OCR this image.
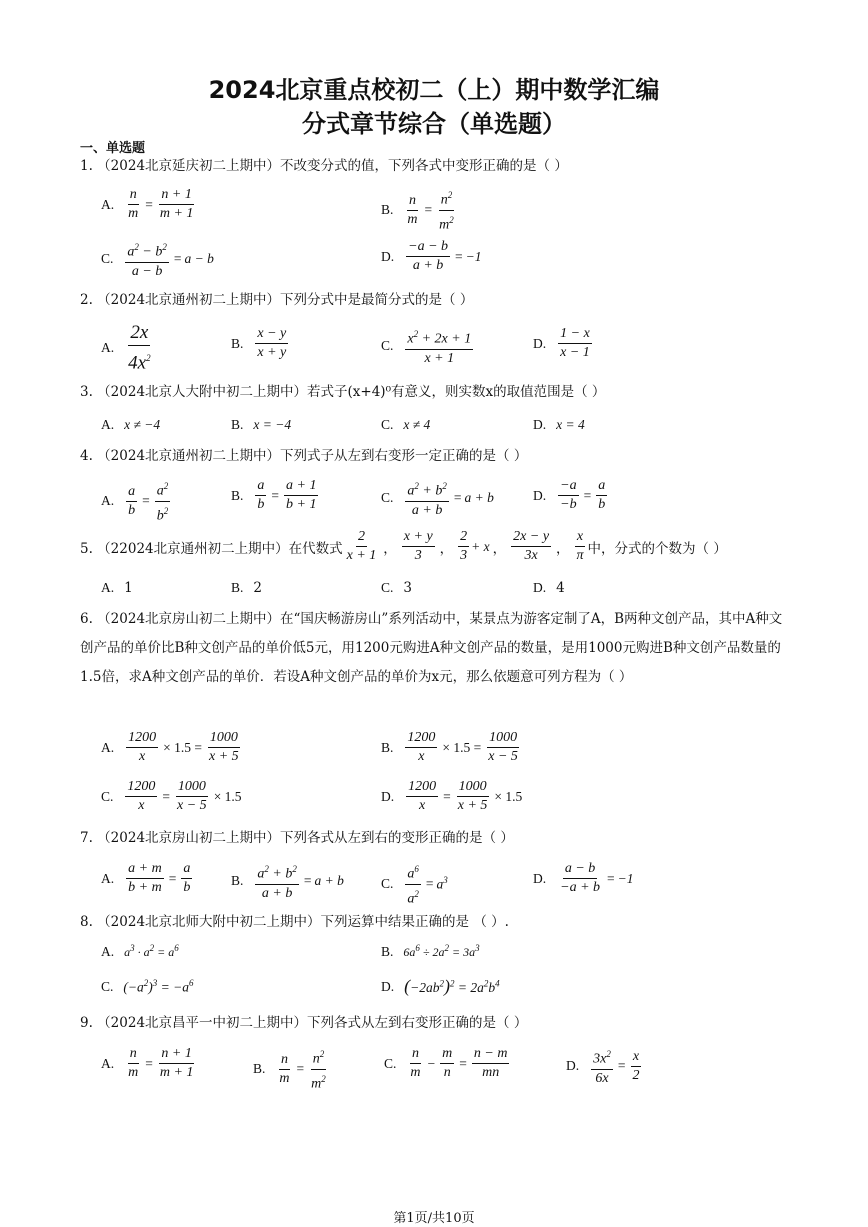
2024北京重点校初二（上）期中数学汇编
分式章节综合（单选题）
一、单选题
1. （2024北京延庆初二上期中）不改变分式的值，下列各式中变形正确的是（ ）
A. $\frac{n}{m} = \frac{n + 1}{m + 1}$	B. $\frac{n}{m} = \frac{n^2}{m^2}$
C. $\frac{a^2 - b^2}{a - b} = a - b$	D. $\frac{-a - b}{a + b} = -1$
2. （2024北京通州初二上期中）下列分式中是最简分式的是（ ）
A. $\frac{2x}{4x^2}$	B. $\frac{x - y}{x + y}$	C. $\frac{x^2 + 2x + 1}{x + 1}$	D. $\frac{1 - x}{x - 1}$
3. （2024北京人大附中初二上期中）若式子(x+4)⁰有意义，则实数x的取值范围是（ ）
A. x ≠ −4	B. x = −4	C. x ≠ 4	D. x = 4
4. （2024北京通州初二上期中）下列式子从左到右变形一定正确的是（ ）
A. $\frac{a}{b} = \frac{a^2}{b^2}$	B. $\frac{a}{b} = \frac{a + 1}{b + 1}$	C. $\frac{a^2 + b^2}{a + b} = a + b$	D. $\frac{-a}{-b} = \frac{a}{b}$
5. （22024北京通州初二上期中）在代数式 $\frac{2}{x + 1}$ ， $\frac{x + y}{3}$ ， $\frac{2}{3} + x$ ， $\frac{2x - y}{3x}$ ， $\frac{x}{\pi}$ 中，分式的个数为（ ）
A. 1	B. 2	C. 3	D. 4
6. （2024北京房山初二上期中）在“国庆畅游房山”系列活动中，某景点为游客定制了A，B两种文创产品，其中A种文创产品的单价比B种文创产品的单价低5元，用1200元购进A种文创产品的数量，是用1000元购进B种文创产品数量的1.5倍，求A种文创产品的单价．若设A种文创产品的单价为x元，那么依题意可列方程为（ ）
A. $\frac{1200}{x} \times 1.5 = \frac{1000}{x + 5}$	B. $\frac{1200}{x} \times 1.5 = \frac{1000}{x - 5}$
C. $\frac{1200}{x} = \frac{1000}{x - 5} \times 1.5$	D. $\frac{1200}{x} = \frac{1000}{x + 5} \times 1.5$
7. （2024北京房山初二上期中）下列各式从左到右的变形正确的是（ ）
A. $\frac{a + m}{b + m} = \frac{a}{b}$	B. $\frac{a^2 + b^2}{a + b} = a + b$	C. $\frac{a^6}{a^2} = a^3$	D. $\frac{a - b}{-a + b} = -1$
8. （2024北京北师大附中初二上期中）下列运算中结果正确的是 （ ）.
A. $a^3 \cdot a^2 = a^6$	B. $6a^6 \div 2a^2 = 3a^3$
C. $(-a^2)^3 = -a^6$	D. $(-2ab^2)^2 = 2a^2b^4$
9. （2024北京昌平一中初二上期中）下列各式从左到右变形正确的是（ ）
A. $\frac{n}{m} = \frac{n + 1}{m + 1}$	B. $\frac{n}{m} = \frac{n^2}{m^2}$	C. $\frac{n}{m} - \frac{m}{n} = \frac{n - m}{mn}$	D. $\frac{3x^2}{6x} = \frac{x}{2}$
第1页/共10页
